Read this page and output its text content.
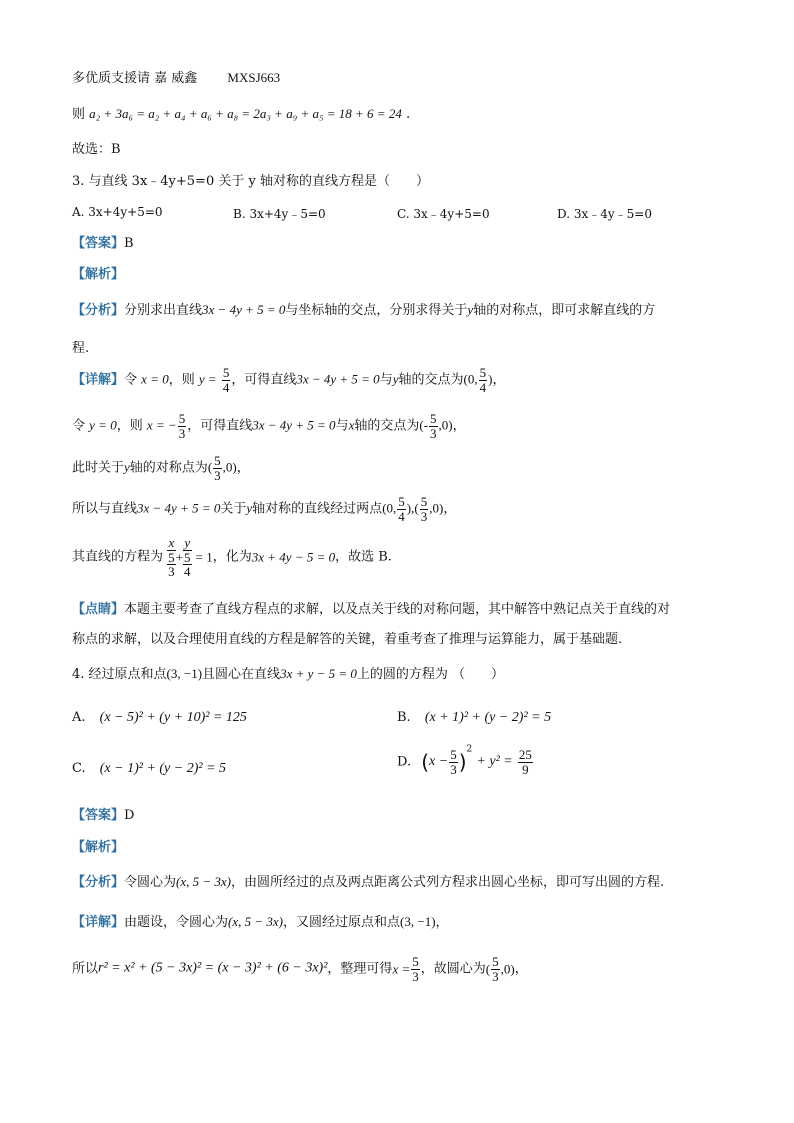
多优质支援请 嘉 威鑫 MXSJ663
则 a₂ + 3a₆ = a₂ + a₄ + a₆ + a₈ = 2a₃ + a₉ + a₅ = 18 + 6 = 24 .
故选：B
3. 与直线 3x﹣4y+5=0 关于 y 轴对称的直线方程是（　　）
A. 3x+4y+5=0	B. 3x+4y﹣5=0	C. 3x﹣4y+5=0	D. 3x﹣4y﹣5=0
【答案】B
【解析】
【分析】分别求出直线3x − 4y + 5 = 0与坐标轴的交点，分别求得关于y轴的对称点，即可求解直线的方
程.
【详解】令 x = 0，则 $y = \frac{5}{4}$ ，可得直线3x − 4y + 5 = 0与y轴的交点为(0, $\frac{5}{4}$ )，
令 y = 0，则 x = − $\frac{5}{3}$ ，可得直线3x − 4y + 5 = 0与x轴的交点为(- $\frac{5}{3} ,0$)，
此时关于y轴的对称点为( $\frac{5}{3} ,0$)，
所以与直线3x − 4y + 5 = 0关于y轴对称的直线经过两点(0, $\frac{5}{4}$ ),( $\frac{5}{3} ,0$)，
其直线的方程为 x
5
3 + y
5
4 = 1，化为3x + 4y − 5 = 0，故选 B.
【点睛】本题主要考查了直线方程点的求解，以及点关于线的对称问题，其中解答中熟记点关于直线的对
称点的求解，以及合理使用直线的方程是解答的关键，着重考查了推理与运算能力，属于基础题.
4. 经过原点和点(3, −1)且圆心在直线3x + y − 5 = 0上的圆的方程为 （　　）
A. (x − 5)² + (y + 10)² = 125	B. (x + 1)² + (y − 2)² = 5
C. (x − 1)² + (y − 2)² = 5	D. $(x - \frac{5}{3} )^2 + y^2 = \frac{25}{9}$
【答案】D
【解析】
【分析】令圆心为(x, 5 − 3x)，由圆所经过的点及两点距离公式列方程求出圆心坐标，即可写出圆的方程.
【详解】由题设，令圆心为(x, 5 − 3x)，又圆经过原点和点(3, −1)，
所以r² = x² + (5 − 3x)² = (x − 3)² + (6 − 3x)²，整理可得$x = \frac{5}{3}$ ，故圆心为( $\frac{5}{3} ,0$)，
